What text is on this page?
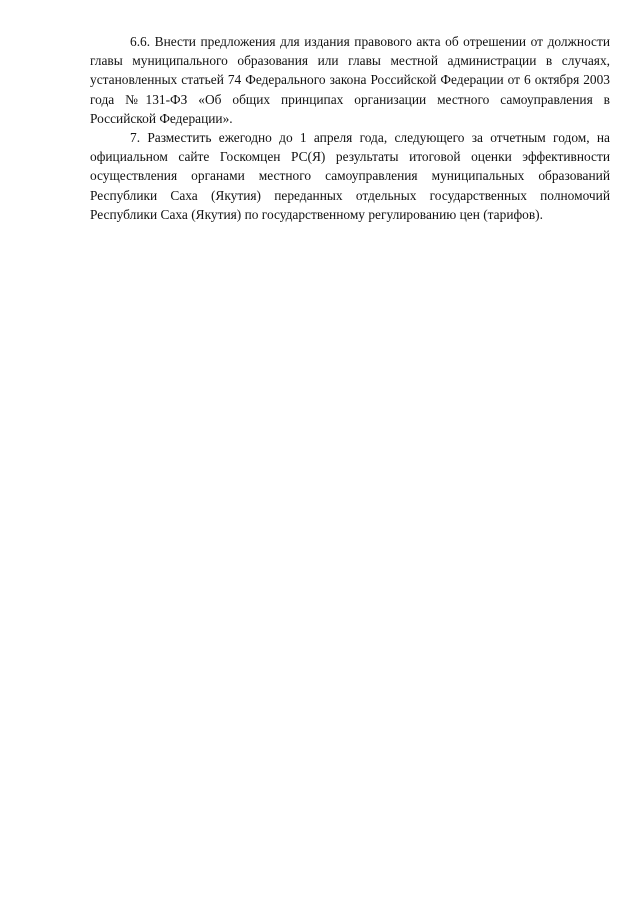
6.6. Внести предложения для издания правового акта об отрешении от должности главы муниципального образования или главы местной администрации в случаях, установленных статьей 74 Федерального закона Российской Федерации от 6 октября 2003 года №131-ФЗ «Об общих принципах организации местного самоуправления в Российской Федерации».

7. Разместить ежегодно до 1 апреля года, следующего за отчетным годом, на официальном сайте Госкомцен РС(Я) результаты итоговой оценки эффективности осуществления органами местного самоуправления муниципальных образований Республики Саха (Якутия) переданных отдельных государственных полномочий Республики Саха (Якутия) по государственному регулированию цен (тарифов).
